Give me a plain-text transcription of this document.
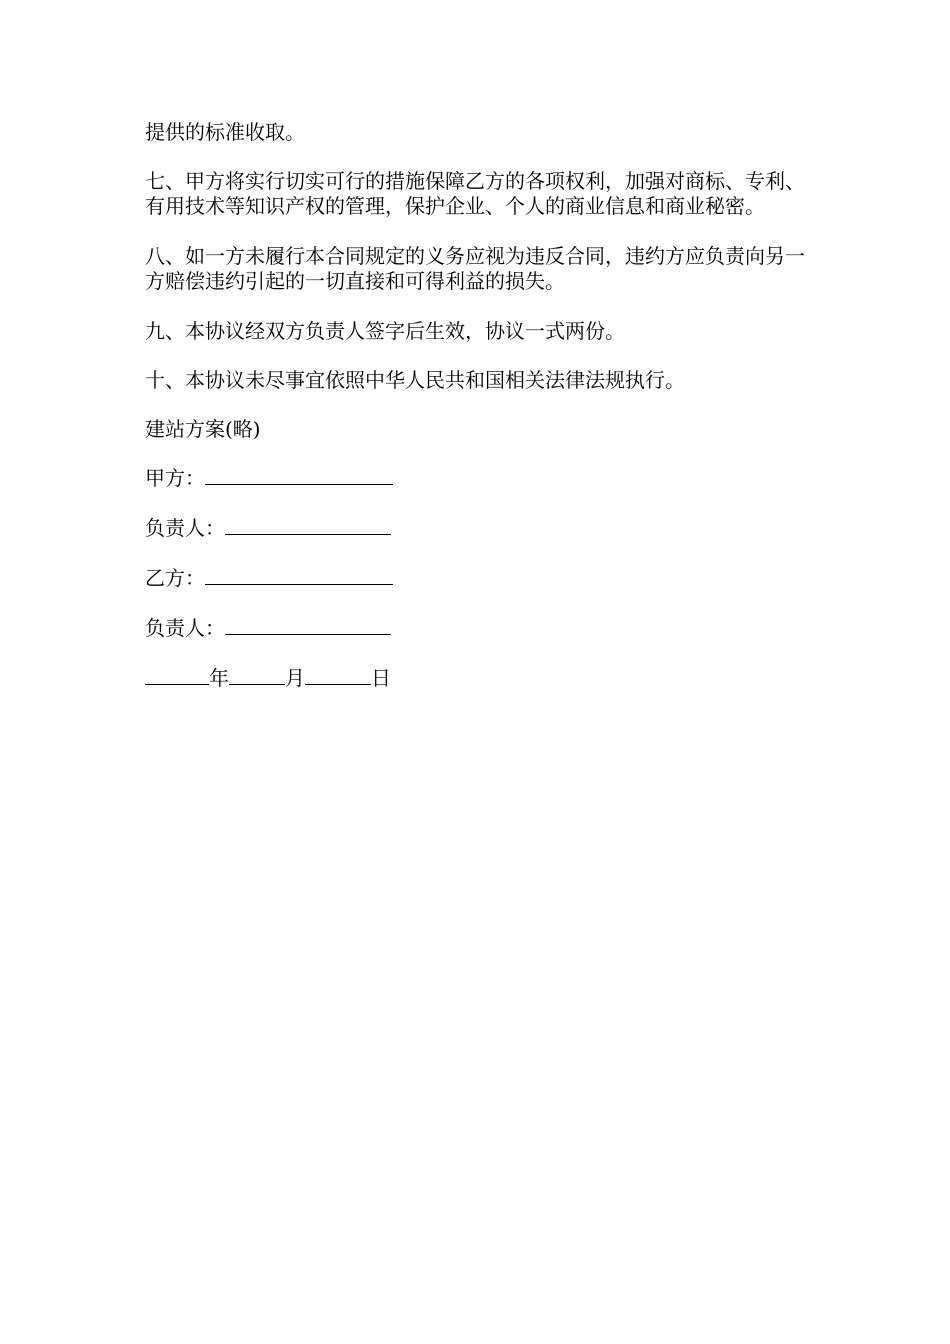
提供的标准收取。

七、甲方将实行切实可行的措施保障乙方的各项权利，加强对商标、专利、有用技术等知识产权的管理，保护企业、个人的商业信息和商业秘密。

八、如一方未履行本合同规定的义务应视为违反合同，违约方应负责向另一方赔偿违约引起的一切直接和可得利益的损失。

九、本协议经双方负责人签字后生效，协议一式两份。

十、本协议未尽事宜依照中华人民共和国相关法律法规执行。

建站方案(略)

甲方：
负责人：
乙方：
负责人：
年	月	日
